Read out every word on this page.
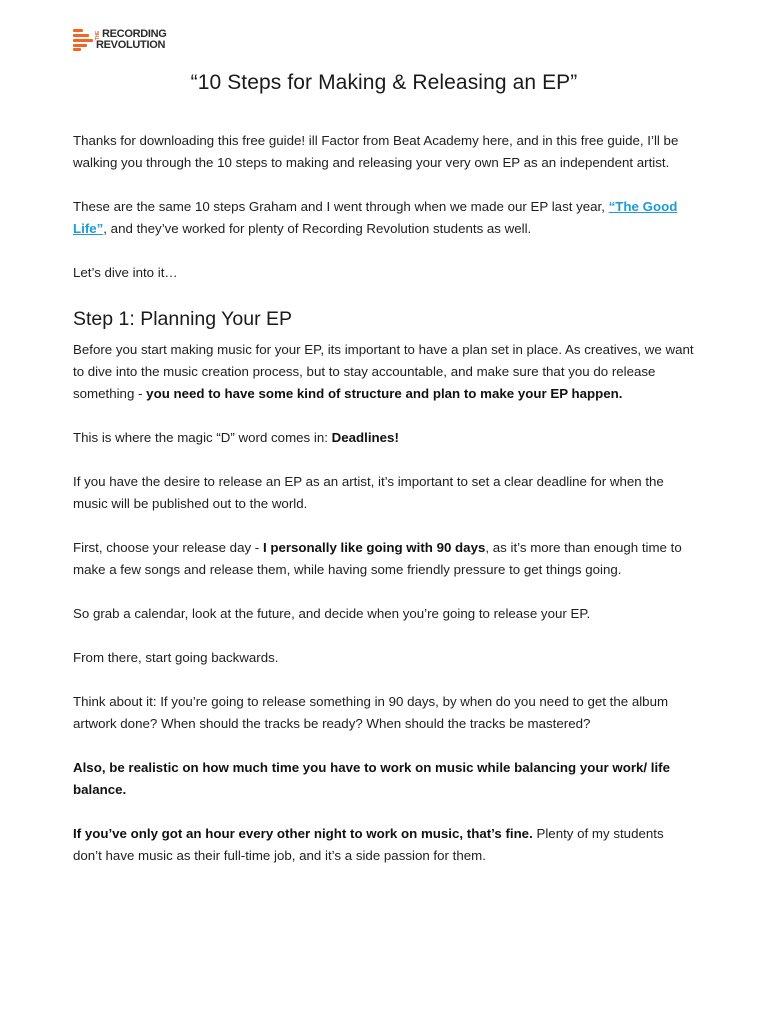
THE RECORDING
REVOLUTION
“10 Steps for Making & Releasing an EP”

Thanks for downloading this free guide! ill Factor from Beat Academy here, and in this free guide, I’ll be walking you through the 10 steps to making and releasing your very own EP as an independent artist.

These are the same 10 steps Graham and I went through when we made our EP last year, “The Good Life”, and they’ve worked for plenty of Recording Revolution students as well.

Let’s dive into it…

Step 1: Planning Your EP

Before you start making music for your EP, its important to have a plan set in place. As creatives, we want to dive into the music creation process, but to stay accountable, and make sure that you do release something - you need to have some kind of structure and plan to make your EP happen.

This is where the magic “D” word comes in: Deadlines!

If you have the desire to release an EP as an artist, it’s important to set a clear deadline for when the music will be published out to the world.

First, choose your release day - I personally like going with 90 days, as it’s more than enough time to make a few songs and release them, while having some friendly pressure to get things going.

So grab a calendar, look at the future, and decide when you’re going to release your EP.

From there, start going backwards.

Think about it: If you’re going to release something in 90 days, by when do you need to get the album artwork done? When should the tracks be ready? When should the tracks be mastered?

Also, be realistic on how much time you have to work on music while balancing your work/ life balance.

If you’ve only got an hour every other night to work on music, that’s fine. Plenty of my students don’t have music as their full-time job, and it’s a side passion for them.
